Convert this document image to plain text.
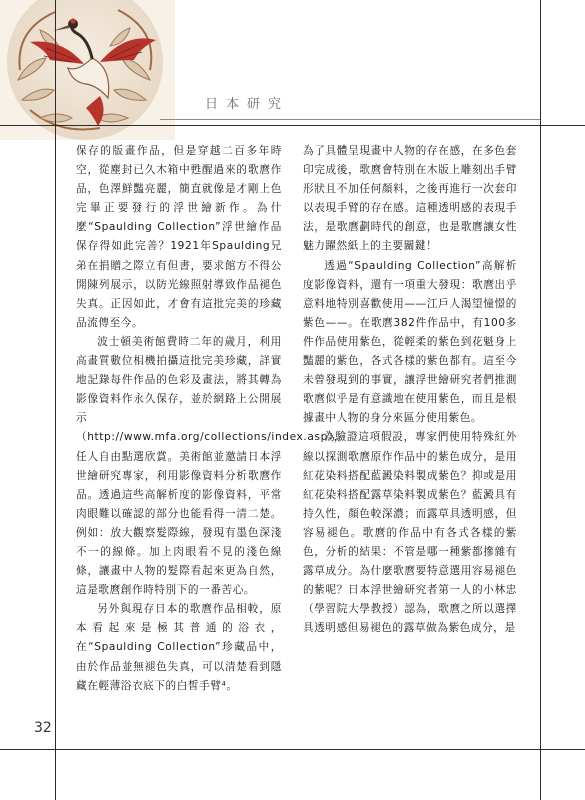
日本研究

保存的版畫作品，但是穿越二百多年時空，從塵封已久木箱中甦醒過來的歌麿作品，色澤鮮豔亮麗，簡直就像是才剛上色完畢正要發行的浮世繪新作。為什麼“Spaulding Collection”浮世繪作品保存得如此完善？1921年Spaulding兄弟在捐贈之際立有但書，要求館方不得公開陳列展示，以防光線照射導致作品褪色失真。正因如此，才會有這批完美的珍藏品流傳至今。

波士頓美術館費時二年的歲月，利用高畫質數位相機拍攝這批完美珍藏，詳實地記錄每件作品的色彩及畫法，將其轉為影像資料作永久保存，並於網路上公開展示（http://www.mfa.org/collections/index.asp），任人自由點選欣賞。美術館並邀請日本浮世繪研究專家，利用影像資料分析歌麿作品。透過這些高解析度的影像資料，平常肉眼難以確認的部分也能看得一清二楚。例如：放大觀察髮際線，發現有墨色深淺不一的線條。加上肉眼看不見的淺色線條，讓畫中人物的髮際看起來更為自然，這是歌麿創作時特別下的一番苦心。

另外與現存日本的歌麿作品相較，原本看起來是極其普通的浴衣，在“Spaulding Collection”珍藏品中，由於作品並無褪色失真，可以清楚看到隱藏在輕薄浴衣底下的白皙手臂⁴。

為了具體呈現畫中人物的存在感，在多色套印完成後，歌麿會特別在木版上雕刻出手臂形狀且不加任何顏料，之後再進行一次套印以表現手臂的存在感。這種透明感的表現手法，是歌麿劃時代的創意，也是歌麿讓女性魅力躍然紙上的主要關鍵！

透過“Spaulding Collection”高解析度影像資料，還有一項重大發現：歌麿出乎意料地特別喜歡使用——江戶人渴望憧憬的紫色——。在歌麿382件作品中，有100多件作品使用紫色，從輕柔的紫色到花魁身上豔麗的紫色，各式各樣的紫色都有。這至今未曾發現到的事實，讓浮世繪研究者們推測歌麿似乎是有意識地在使用紫色，而且是根據畫中人物的身分來區分使用紫色。

為驗證這項假設，專家們使用特殊紅外線以探測歌麿原作作品中的紫色成分，是用紅花染料搭配藍澱染料製成紫色？抑或是用紅花染料搭配露草染料製成紫色？藍澱具有持久性，顏色較深濃；而露草具透明感，但容易褪色。歌麿的作品中有各式各樣的紫色，分析的結果：不管是哪一種紫都摻雜有露草成分。為什麼歌麿要特意選用容易褪色的紫呢？日本浮世繪研究者第一人的小林忠（學習院大學教授）認為，歌麿之所以選擇具透明感但易褪色的露草做為紫色成分，是

32
